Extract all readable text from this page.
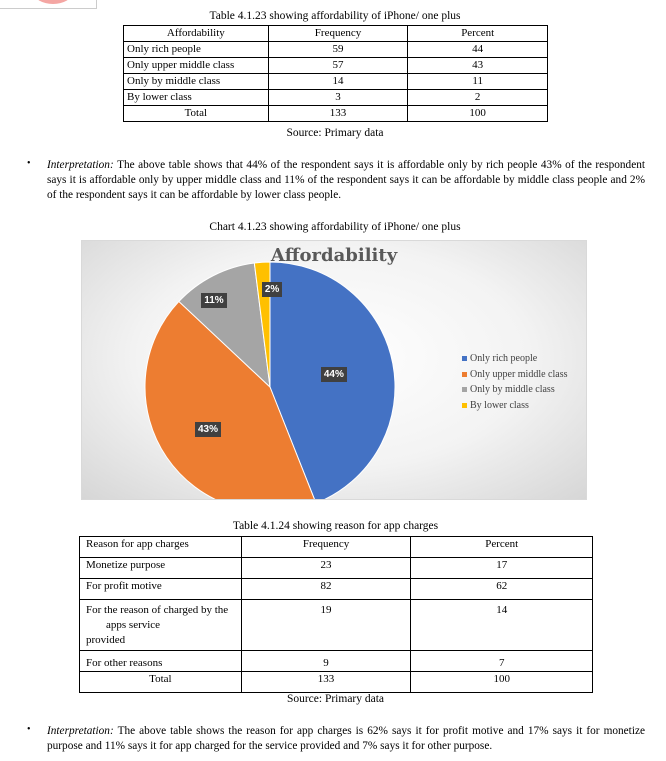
Table 4.1.23 showing affordability of iPhone/ one plus
Affordability	Frequency	Percent
Only rich people	59	44
Only upper middle class	57	43
Only by middle class	14	11
By lower class	3	2
Total	133	100
Source: Primary data
• Interpretation: The above table shows that 44% of the respondent says it is affordable only by rich people 43% of the respondent says it is affordable only by upper middle class and 11% of the respondent says it can be affordable by middle class people and 2% of the respondent says it can be affordable by lower class people.
Chart 4.1.23 showing affordability of iPhone/ one plus
Affordability
Only rich people
Only upper middle class
Only by middle class
By lower class
44%
43%
11%
2%
Table 4.1.24 showing reason for app charges
Reason for app charges	Frequency	Percent
Monetize purpose	23	17
For profit motive	82	62

For the reason of charged by the
apps service
provided	19	14
For other reasons	9	7
Total	133	100
Source: Primary data
• Interpretation: The above table shows the reason for app charges is 62% says it for profit motive and 17% says it for monetize purpose and 11% says it for app charged for the service provided and 7% says it for other purpose.
